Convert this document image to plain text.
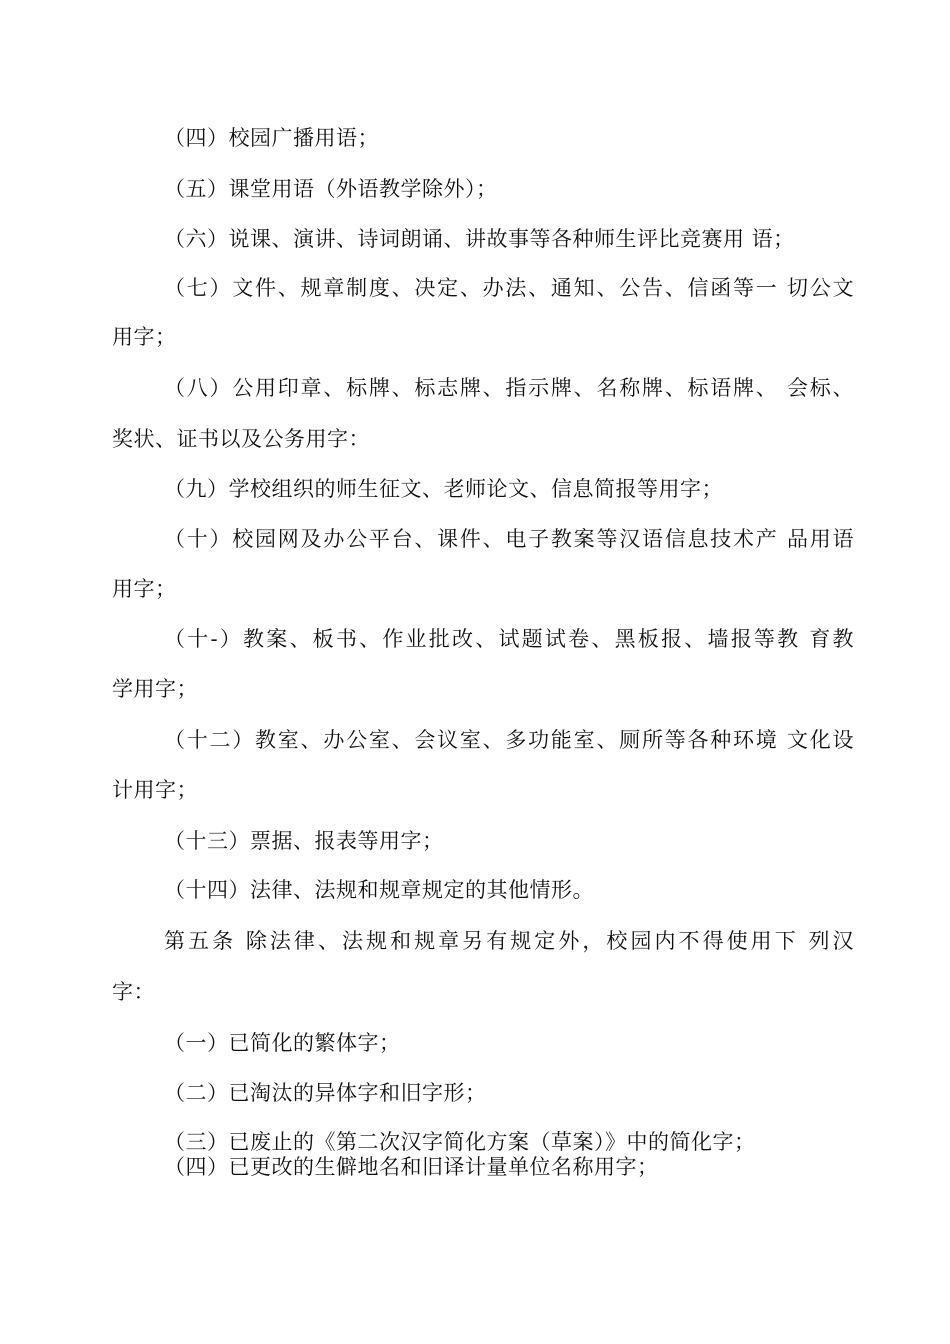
（四）校园广播用语；
（五）课堂用语（外语教学除外）；
（六）说课、演讲、诗词朗诵、讲故事等各种师生评比竞赛用 语；
（七）文件、规章制度、决定、办法、通知、公告、信函等一 切公文
用字；
（八）公用印章、标牌、标志牌、指示牌、名称牌、标语牌、 会标、
奖状、证书以及公务用字：
（九）学校组织的师生征文、老师论文、信息简报等用字；
（十）校园网及办公平台、课件、电子教案等汉语信息技术产 品用语
用字；
（十-）教案、板书、作业批改、试题试卷、黑板报、墙报等教 育教
学用字；
（十二）教室、办公室、会议室、多功能室、厕所等各种环境 文化设
计用字；
（十三）票据、报表等用字；
（十四）法律、法规和规章规定的其他情形。
第五条 除法律、法规和规章另有规定外，校园内不得使用下 列汉
字：
（一）已简化的繁体字；
（二）已淘汰的异体字和旧字形；
（三）已废止的《第二次汉字简化方案（草案）》中的简化字；
（四）已更改的生僻地名和旧译计量单位名称用字；
